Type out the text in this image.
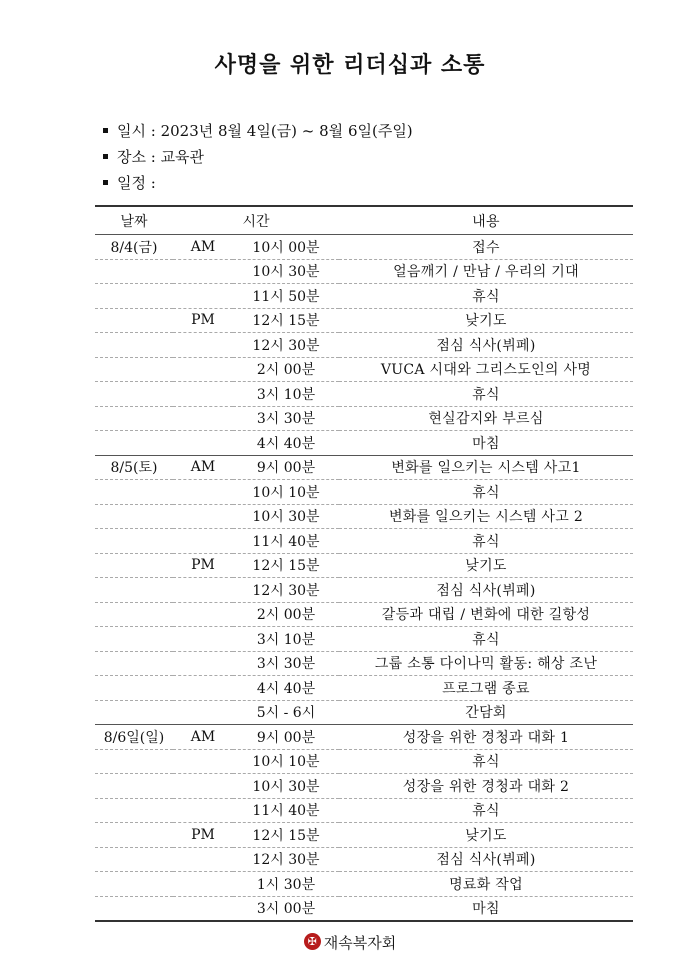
사명을 위한 리더십과 소통
일시 : 2023년 8월 4일(금) ~ 8월 6일(주일)
장소 : 교육관
일정 :
날짜	시간		내용
8/4(금)	AM	10시 00분	접수
		10시 30분	얼음깨기 / 만남 / 우리의 기대
		11시 50분	휴식
	PM	12시 15분	낮기도
		12시 30분	점심 식사(뷔페)
		2시 00분	VUCA 시대와 그리스도인의 사명
		3시 10분	휴식
		3시 30분	현실감지와 부르심
		4시 40분	마침
8/5(토)	AM	9시 00분	변화를 일으키는 시스템 사고1
		10시 10분	휴식
		10시 30분	변화를 일으키는 시스템 사고 2
		11시 40분	휴식
	PM	12시 15분	낮기도
		12시 30분	점심 식사(뷔페)
		2시 00분	갈등과 대립 / 변화에 대한 길항성
		3시 10분	휴식
		3시 30분	그룹 소통 다이나믹 활동: 해상 조난
		4시 40분	프로그램 종료
		5시 - 6시	간담회
8/6일(일)	AM	9시 00분	성장을 위한 경청과 대화 1
		10시 10분	휴식
		10시 30분	성장을 위한 경청과 대화 2
		11시 40분	휴식
	PM	12시 15분	낮기도
		12시 30분	점심 식사(뷔페)
		1시 30분	명료화 작업
		3시 00분	마침
✠ 재속복자회
